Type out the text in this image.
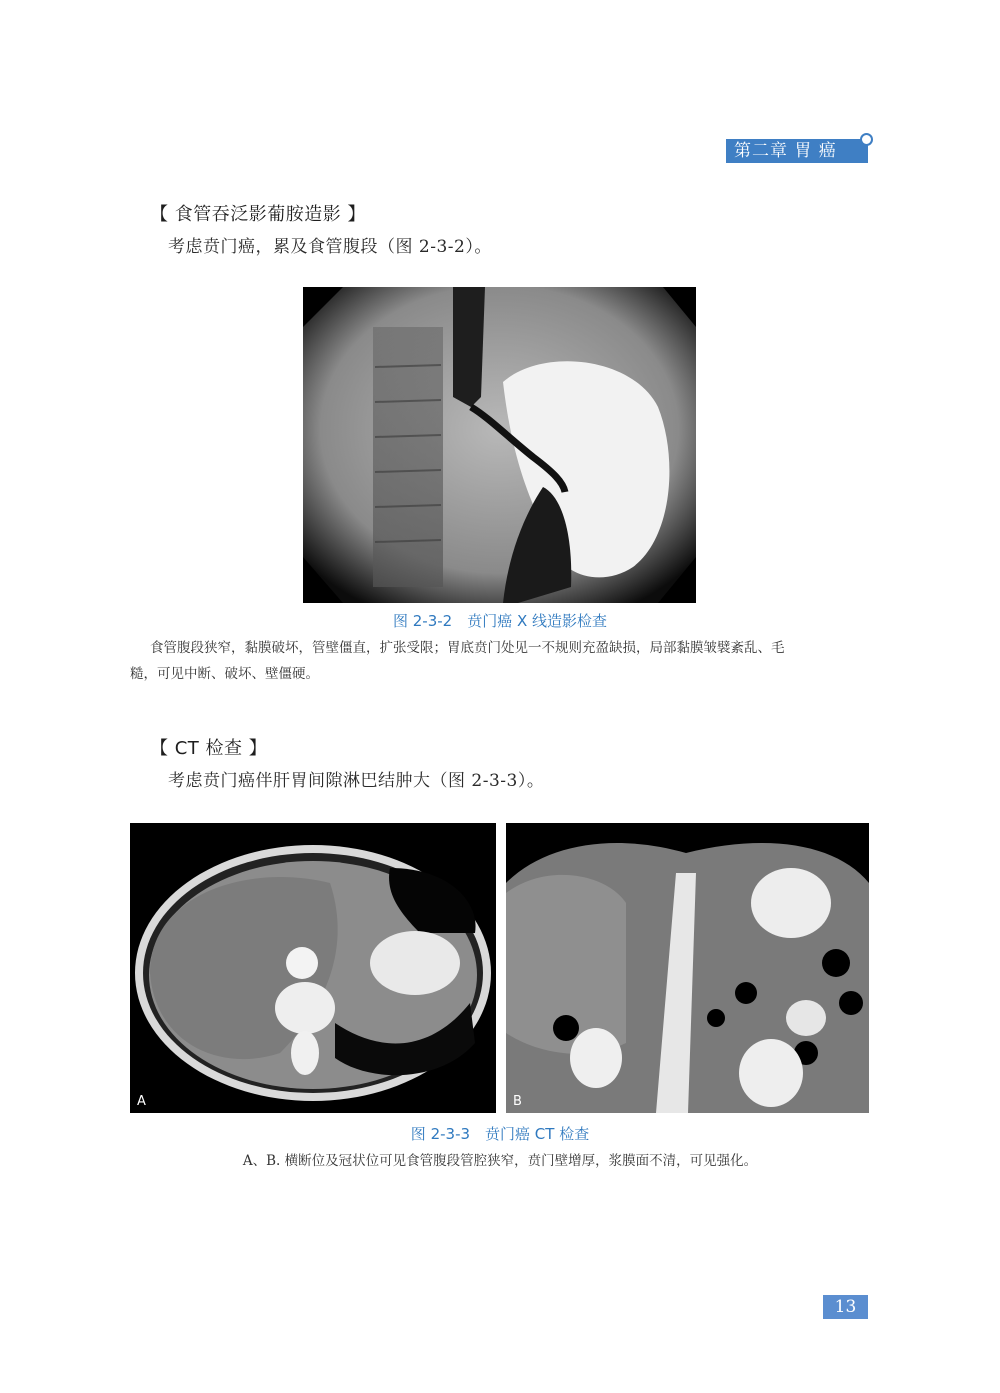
第二章 胃 癌
【 食管吞泛影葡胺造影 】
考虑贲门癌，累及食管腹段（图 2-3-2）。
图 2-3-2　贲门癌 X 线造影检查
食管腹段狭窄，黏膜破坏，管壁僵直，扩张受限；胃底贲门处见一不规则充盈缺损，局部黏膜皱襞紊乱、毛
糙，可见中断、破坏、壁僵硬。
【 CT 检查 】
考虑贲门癌伴肝胃间隙淋巴结肿大（图 2-3-3）。
A	B
图 2-3-3　贲门癌 CT 检查
A、B. 横断位及冠状位可见食管腹段管腔狭窄，贲门壁增厚，浆膜面不清，可见强化。
13
